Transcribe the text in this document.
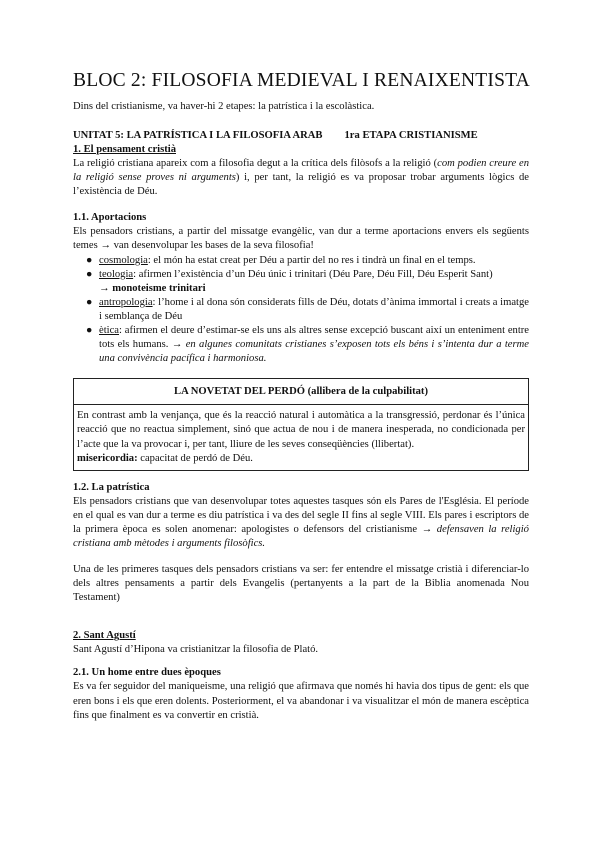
BLOC 2: FILOSOFIA MEDIEVAL I RENAIXENTISTA

Dins del cristianisme, va haver-hi 2 etapes: la patrística i la escolàstica.

UNITAT 5: LA PATRÍSTICA I LA FILOSOFIA ARAB 1ra ETAPA CRISTIANISME
1. El pensament cristià

La religió cristiana apareix com a filosofia degut a la crítica dels filòsofs a la religió (com podien creure en la religió sense proves ni arguments) i, per tant, la religió es va proposar trobar arguments lògics de l’existència de Déu.

1.1. Aportacions

Els pensadors cristians, a partir del missatge evangèlic, van dur a terme aportacions envers els següents temes → van desenvolupar les bases de la seva filosofia!

● cosmologia: el món ha estat creat per Déu a partir del no res i tindrà un final en el temps.
● teologia: afirmen l’existència d’un Déu únic i trinitari (Déu Pare, Déu Fill, Déu Esperit Sant)
→ monoteisme trinitari
● antropologia: l’home i al dona són considerats fills de Déu, dotats d’ànima immortal i creats a imatge i semblança de Déu
● ètica: afirmen el deure d’estimar-se els uns als altres sense excepció buscant així un enteniment entre tots els humans. → en algunes comunitats cristianes s’exposen tots els béns i s’intenta dur a terme una convivència pacífica i harmoniosa.
LA NOVETAT DEL PERDÓ (allibera de la culpabilitat)

En contrast amb la venjança, que és la reacció natural i automàtica a la transgressió, perdonar és l’única reacció que no reactua simplement, sinó que actua de nou i de manera inesperada, no condicionada per l’acte que la va provocar i, per tant, lliure de les seves conseqüències (llibertat).

misericordia: capacitat de perdó de Déu.

1.2. La patrística

Els pensadors cristians que van desenvolupar totes aquestes tasques són els Pares de l'Església. El període en el qual es van dur a terme es diu patrística i va des del segle II fins al segle VIII. Els pares i escriptors de la primera època es solen anomenar: apologistes o defensors del cristianisme → defensaven la religió cristiana amb mètodes i arguments filosòfics.

Una de les primeres tasques dels pensadors cristians va ser: fer entendre el missatge cristià i diferenciar-lo dels altres pensaments a partir dels Evangelis (pertanyents a la part de la Biblia anomenada Nou Testament)

2. Sant Agustí

Sant Agustí d’Hipona va cristianitzar la filosofia de Plató.

2.1. Un home entre dues èpoques

Es va fer seguidor del maniqueisme, una religió que afirmava que només hi havia dos tipus de gent: els que eren bons i els que eren dolents. Posteriorment, el va abandonar i va visualitzar el món de manera escèptica fins que finalment es va convertir en cristià.
